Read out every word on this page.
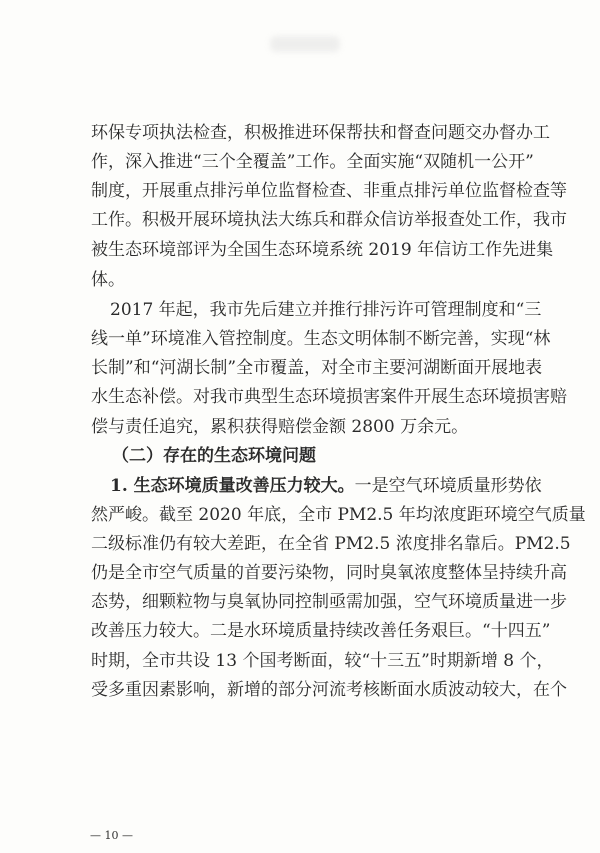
环保专项执法检查，积极推进环保帮扶和督查问题交办督办工
作，深入推进“三个全覆盖”工作。全面实施“双随机一公开”
制度，开展重点排污单位监督检查、非重点排污单位监督检查等
工作。积极开展环境执法大练兵和群众信访举报查处工作，我市
被生态环境部评为全国生态环境系统 2019 年信访工作先进集
体。
2017 年起，我市先后建立并推行排污许可管理制度和“三
线一单”环境准入管控制度。生态文明体制不断完善，实现“林
长制”和“河湖长制”全市覆盖，对全市主要河湖断面开展地表
水生态补偿。对我市典型生态环境损害案件开展生态环境损害赔
偿与责任追究，累积获得赔偿金额 2800 万余元。
（二）存在的生态环境问题
1. 生态环境质量改善压力较大。 一是空气环境质量形势依
然严峻。截至 2020 年底，全市 PM2.5 年均浓度距环境空气质量
二级标准仍有较大差距，在全省 PM2.5 浓度排名靠后。PM2.5
仍是全市空气质量的首要污染物，同时臭氧浓度整体呈持续升高
态势，细颗粒物与臭氧协同控制亟需加强，空气环境质量进一步
改善压力较大。二是水环境质量持续改善任务艰巨。“十四五”
时期，全市共设 13 个国考断面，较“十三五”时期新增 8 个，
受多重因素影响，新增的部分河流考核断面水质波动较大，在个
— 10 —
